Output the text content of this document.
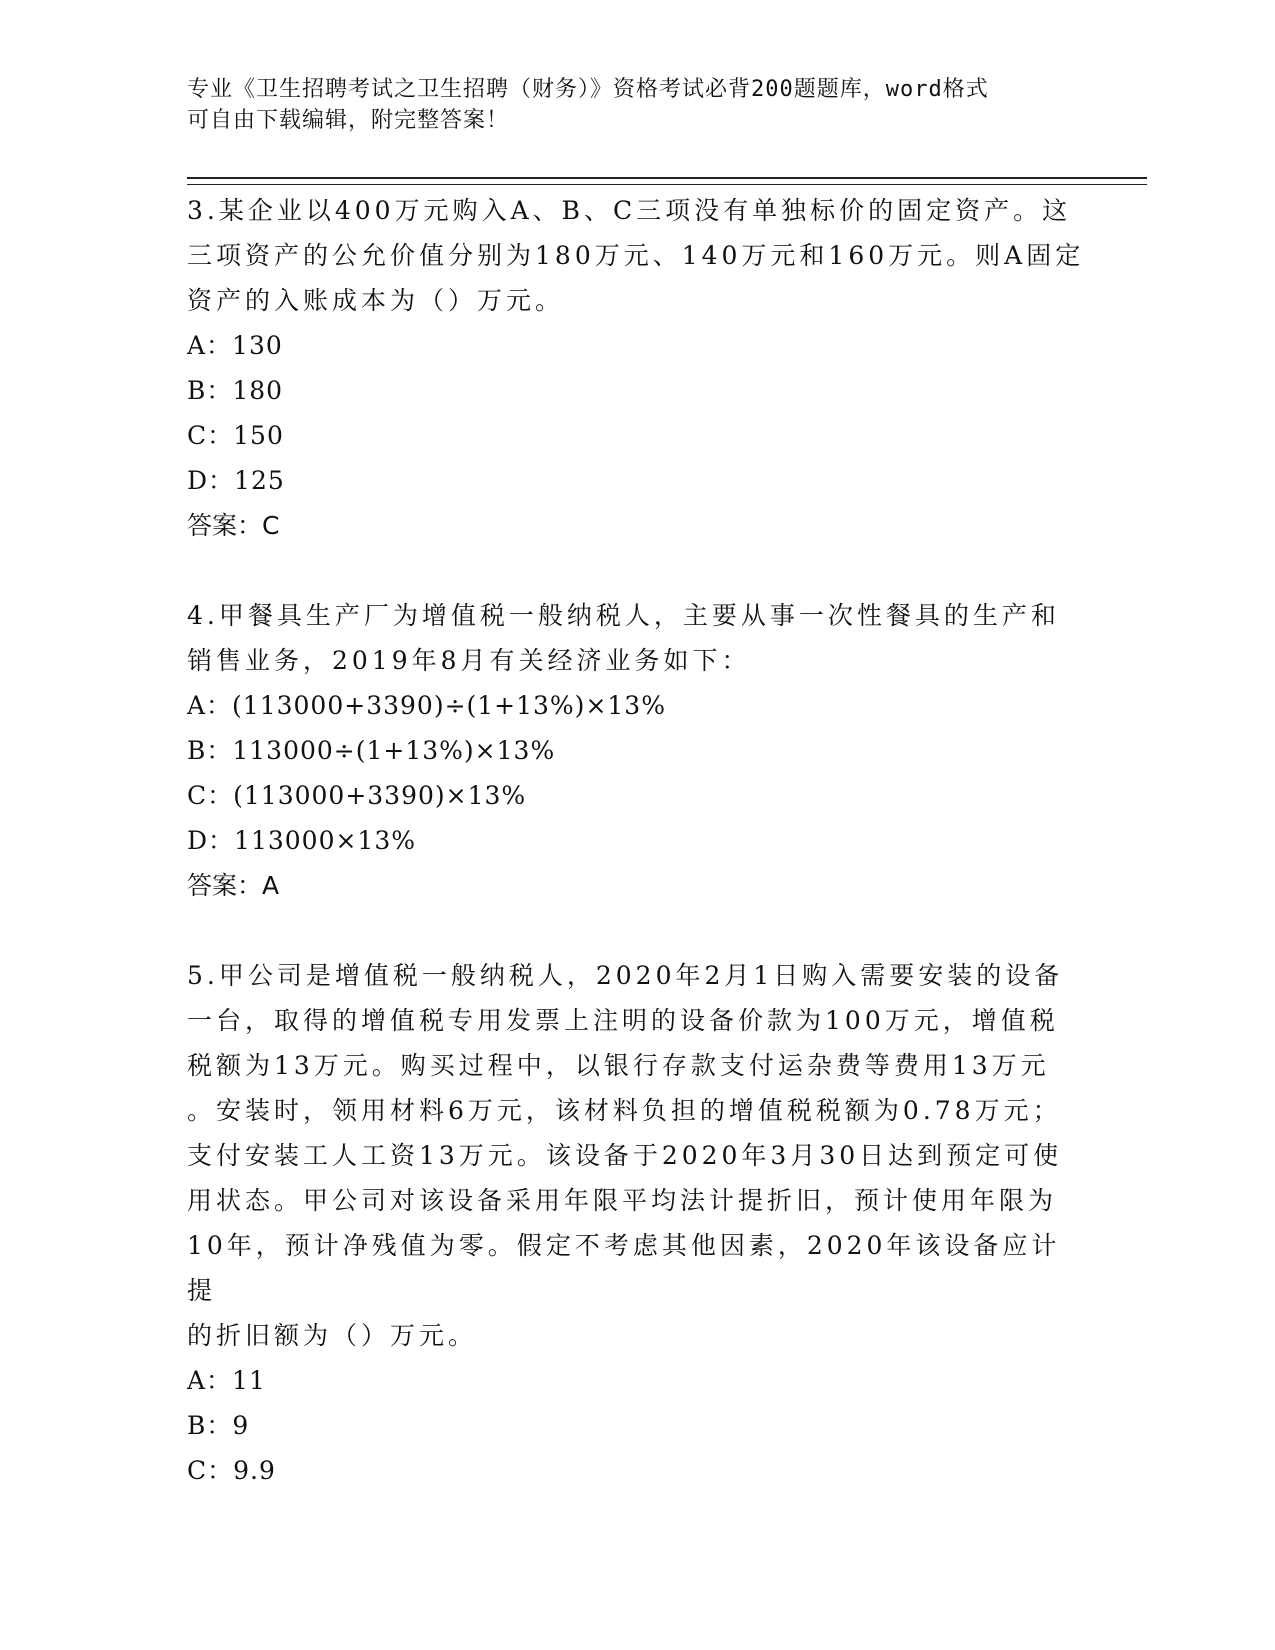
专业《卫生招聘考试之卫生招聘（财务）》资格考试必背200题题库，word格式
可自由下载编辑，附完整答案！

3.某企业以400万元购入A、B、C三项没有单独标价的固定资产。这

三项资产的公允价值分别为180万元、140万元和160万元。则A固定

资产的入账成本为（）万元。

A：130

B：180

C：150

D：125

答案：C

4.甲餐具生产厂为增值税一般纳税人，主要从事一次性餐具的生产和

销售业务，2019年8月有关经济业务如下：

A：(113000+3390)÷(1+13%)×13%

B：113000÷(1+13%)×13%

C：(113000+3390)×13%

D：113000×13%

答案：A

5.甲公司是增值税一般纳税人，2020年2月1日购入需要安装的设备

一台，取得的增值税专用发票上注明的设备价款为100万元，增值税

税额为13万元。购买过程中，以银行存款支付运杂费等费用13万元

。安装时，领用材料6万元，该材料负担的增值税税额为0.78万元；

支付安装工人工资13万元。该设备于2020年3月30日达到预定可使

用状态。甲公司对该设备采用年限平均法计提折旧，预计使用年限为

10年，预计净残值为零。假定不考虑其他因素，2020年该设备应计提

的折旧额为（）万元。

A：11

B：9

C：9.9
